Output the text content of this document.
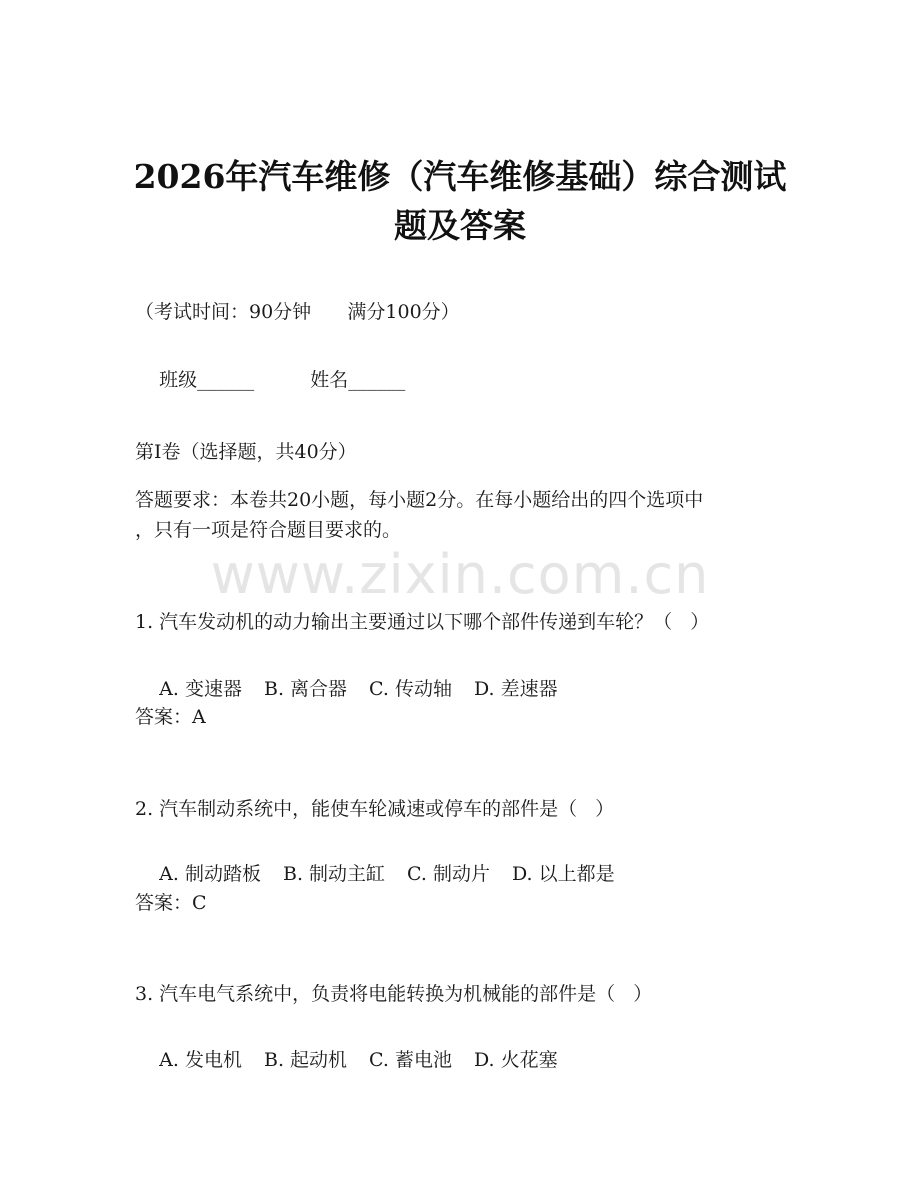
2026年汽车维修（汽车维修基础）综合测试
题及答案
（考试时间：90分钟      满分100分）

班级______	姓名______

第Ⅰ卷（选择题，共40分）
答题要求：本卷共20小题，每小题2分。在每小题给出的四个选项中
，只有一项是符合题目要求的。
www.zixin.com.cn
1. 汽车发动机的动力输出主要通过以下哪个部件传递到车轮？（   ）

A. 变速器 B. 离合器 C. 传动轴 D. 差速器

答案：A
2. 汽车制动系统中，能使车轮减速或停车的部件是（   ）

A. 制动踏板 B. 制动主缸 C. 制动片 D. 以上都是

答案：C
3. 汽车电气系统中，负责将电能转换为机械能的部件是（   ）

A. 发电机 B. 起动机 C. 蓄电池 D. 火花塞
